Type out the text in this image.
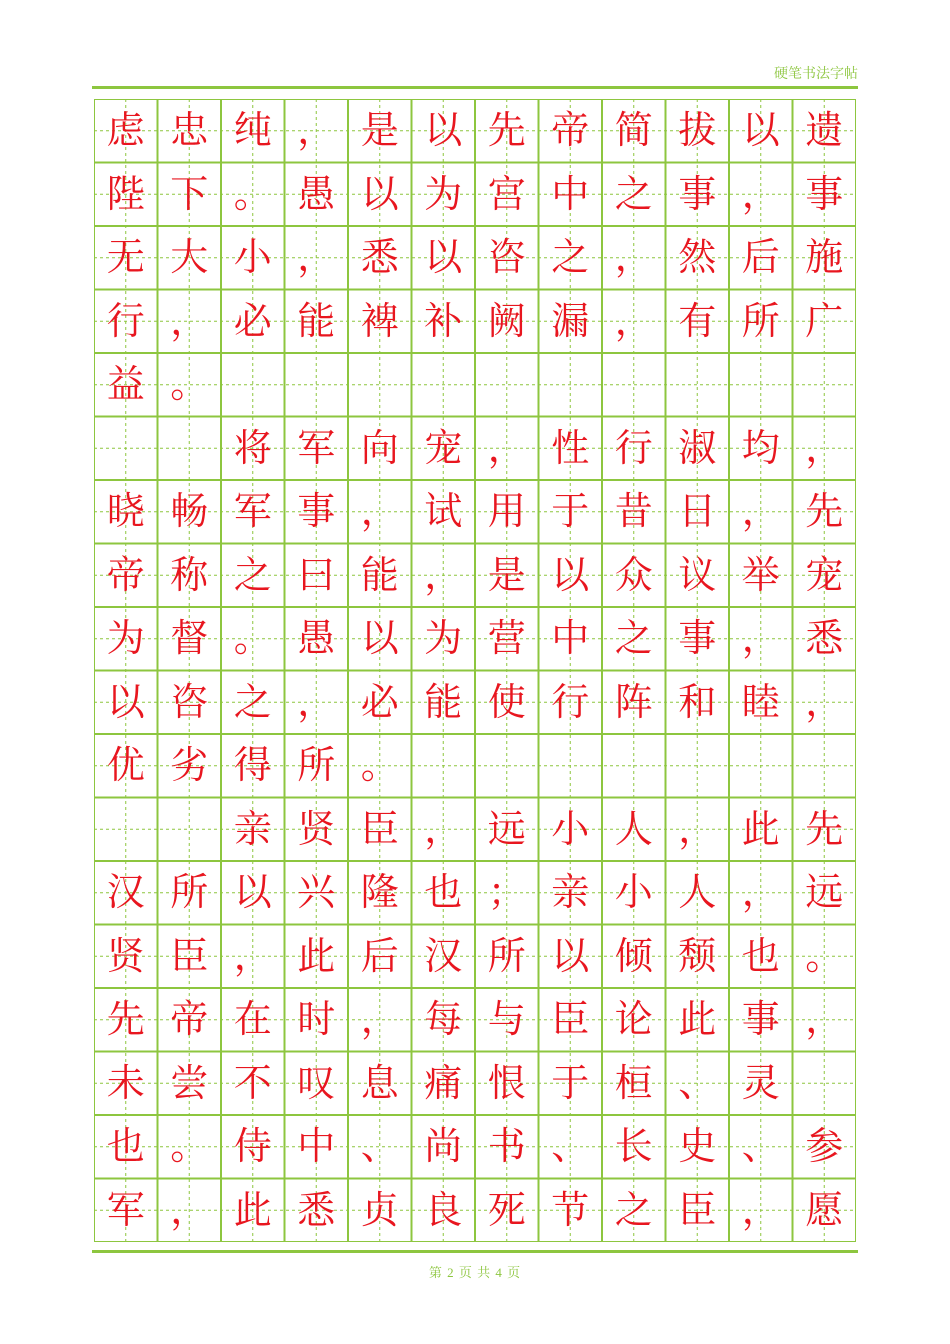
硬笔书法字帖
虑 忠 纯 ， 是 以 先 帝 简 拔 以 遗
陛 下 。 愚 以 为 宫 中 之 事 ， 事
无 大 小 ， 悉 以 咨 之 ， 然 后 施
行 ， 必 能 裨 补 阙 漏 ， 有 所 广
益 。
将 军 向 宠 ， 性 行 淑 均 ，
晓 畅 军 事 ， 试 用 于 昔 日 ， 先
帝 称 之 曰 能 ， 是 以 众 议 举 宠
为 督 。 愚 以 为 营 中 之 事 ， 悉
以 咨 之 ， 必 能 使 行 阵 和 睦 ，
优 劣 得 所 。
亲 贤 臣 ， 远 小 人 ， 此 先
汉 所 以 兴 隆 也 ； 亲 小 人 ， 远
贤 臣 ， 此 后 汉 所 以 倾 颓 也 。
先 帝 在 时 ， 每 与 臣 论 此 事 ，
未 尝 不 叹 息 痛 恨 于 桓 、 灵
也 。 侍 中 、 尚 书 、 长 史 、 参
军 ， 此 悉 贞 良 死 节 之 臣 ， 愿
第 2 页 共 4 页
